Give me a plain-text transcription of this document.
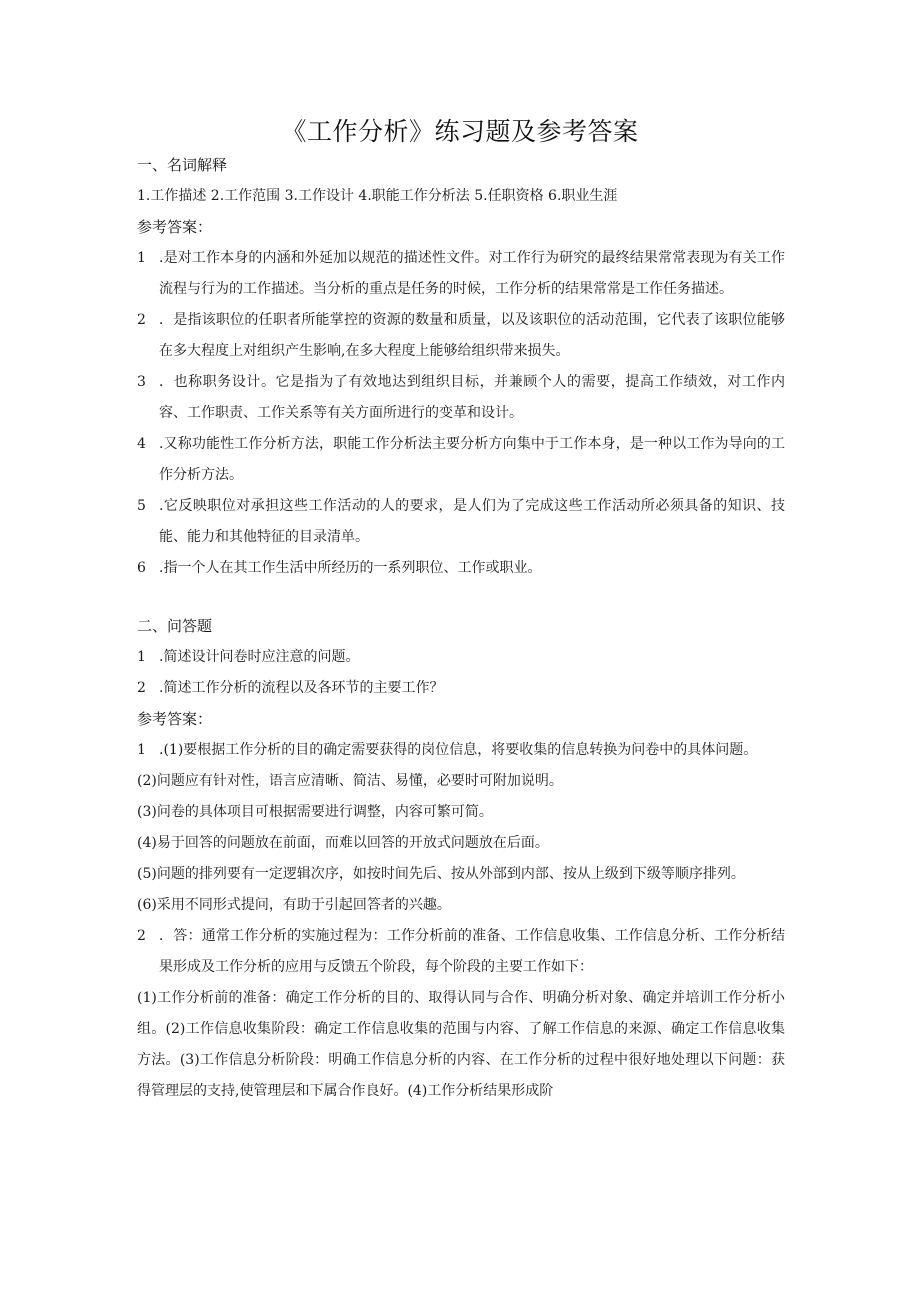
《工作分析》练习题及参考答案
一、名词解释

1.工作描述 2.工作范围 3.工作设计 4.职能工作分析法 5.任职资格 6.职业生涯

参考答案：

1 .是对工作本身的内涵和外延加以规范的描述性文件。对工作行为研究的最终结果常常表现为有关工作流程与行为的工作描述。当分析的重点是任务的时候，工作分析的结果常常是工作任务描述。

2 ．是指该职位的任职者所能掌控的资源的数量和质量，以及该职位的活动范围，它代表了该职位能够在多大程度上对组织产生影响,在多大程度上能够给组织带来损失。

3 ．也称职务设计。它是指为了有效地达到组织目标，并兼顾个人的需要，提高工作绩效，对工作内容、工作职责、工作关系等有关方面所进行的变革和设计。

4 .又称功能性工作分析方法，职能工作分析法主要分析方向集中于工作本身，是一种以工作为导向的工作分析方法。

5 .它反映职位对承担这些工作活动的人的要求，是人们为了完成这些工作活动所必须具备的知识、技能、能力和其他特征的目录清单。

6 .指一个人在其工作生活中所经历的一系列职位、工作或职业。

二、问答题

1 .简述设计问卷时应注意的问题。

2 .简述工作分析的流程以及各环节的主要工作？

参考答案：

1 .(1)要根据工作分析的目的确定需要获得的岗位信息，将要收集的信息转换为问卷中的具体问题。

(2)问题应有针对性，语言应清晰、简洁、易懂，必要时可附加说明。

(3)问卷的具体项目可根据需要进行调整，内容可繁可简。

(4)易于回答的问题放在前面，而难以回答的开放式问题放在后面。

(5)问题的排列要有一定逻辑次序，如按时间先后、按从外部到内部、按从上级到下级等顺序排列。

(6)采用不同形式提问，有助于引起回答者的兴趣。

2 ．答：通常工作分析的实施过程为：工作分析前的准备、工作信息收集、工作信息分析、工作分析结果形成及工作分析的应用与反馈五个阶段，每个阶段的主要工作如下：

(1)工作分析前的准备：确定工作分析的目的、取得认同与合作、明确分析对象、确定并培训工作分析小组。(2)工作信息收集阶段：确定工作信息收集的范围与内容、了解工作信息的来源、确定工作信息收集方法。(3)工作信息分析阶段：明确工作信息分析的内容、在工作分析的过程中很好地处理以下问题：获得管理层的支持,使管理层和下属合作良好。(4)工作分析结果形成阶
